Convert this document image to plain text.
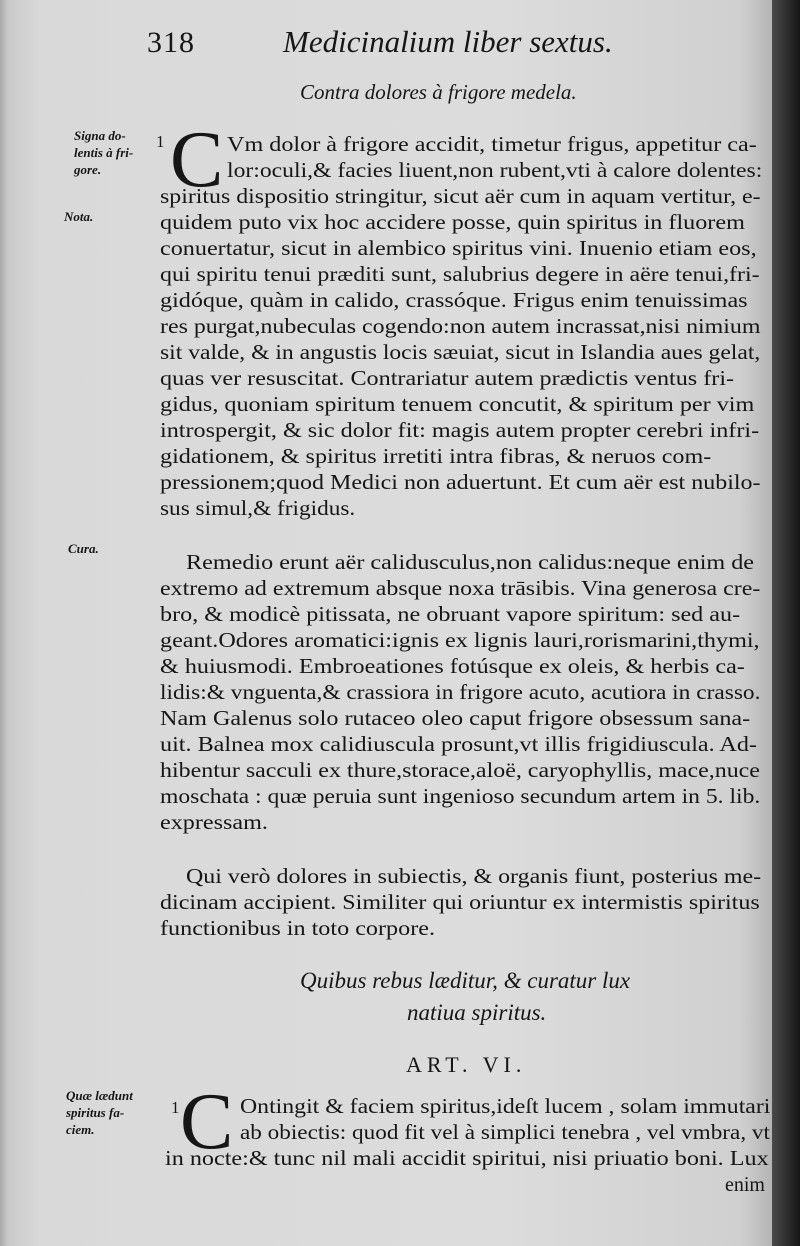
318	Medicinalium liber sextus.
Contra dolores à frigore medela.
Signa do-lentis à fri-gore.
Nota.
Cura.
Quæ lædunt spiritus fa-ciem.
1 C Vm dolor à frigore accidit, timetur frigus, appetitur ca-
lor:oculi,& facies liuent,non rubent,vti à calore dolentes:
spiritus dispositio stringitur, sicut aër cum in aquam vertitur, e-
quidem puto vix hoc accidere posse, quin spiritus in fluorem
conuertatur, sicut in alembico spiritus vini. Inuenio etiam eos,
qui spiritu tenui præditi sunt, salubrius degere in aëre tenui,fri-
gidóque, quàm in calido, crassóque. Frigus enim tenuissimas
res purgat,nubeculas cogendo:non autem incrassat,nisi nimium
sit valde, & in angustis locis sæuiat, sicut in Islandia aues gelat,
quas ver resuscitat. Contrariatur autem prædictis ventus fri-
gidus, quoniam spiritum tenuem concutit, & spiritum per vim
introspergit, & sic dolor fit: magis autem propter cerebri infri-
gidationem, & spiritus irretiti intra fibras, & neruos com-
pressionem;quod Medici non aduertunt. Et cum aër est nubilo-
sus simul,& frigidus.
Remedio erunt aër calidusculus,non calidus:neque enim de
extremo ad extremum absque noxa trāsibis. Vina generosa cre-
bro, & modicè pitissata, ne obruant vapore spiritum: sed au-
geant.Odores aromatici:ignis ex lignis lauri,rorismarini,thymi,
& huiusmodi. Embroeationes fotúsque ex oleis, & herbis ca-
lidis:& vnguenta,& crassiora in frigore acuto, acutiora in crasso.
Nam Galenus solo rutaceo oleo caput frigore obsessum sana-
uit. Balnea mox calidiuscula prosunt,vt illis frigidiuscula. Ad-
hibentur sacculi ex thure,storace,aloë, caryophyllis, mace,nuce
moschata : quæ peruia sunt ingenioso secundum artem in 5. lib.
expressam.
Qui verò dolores in subiectis, & organis fiunt, posterius me-
dicinam accipient. Similiter qui oriuntur ex intermistis spiritus
functionibus in toto corpore.
Quibus rebus læditur, & curatur lux
natiua spiritus.
ART. VI.
1 C Ontingit & faciem spiritus,ideſt lucem , solam immutari
ab obiectis: quod fit vel à simplici tenebra , vel vmbra, vt
in nocte:& tunc nil mali accidit spiritui, nisi priuatio boni. Lux
enim
